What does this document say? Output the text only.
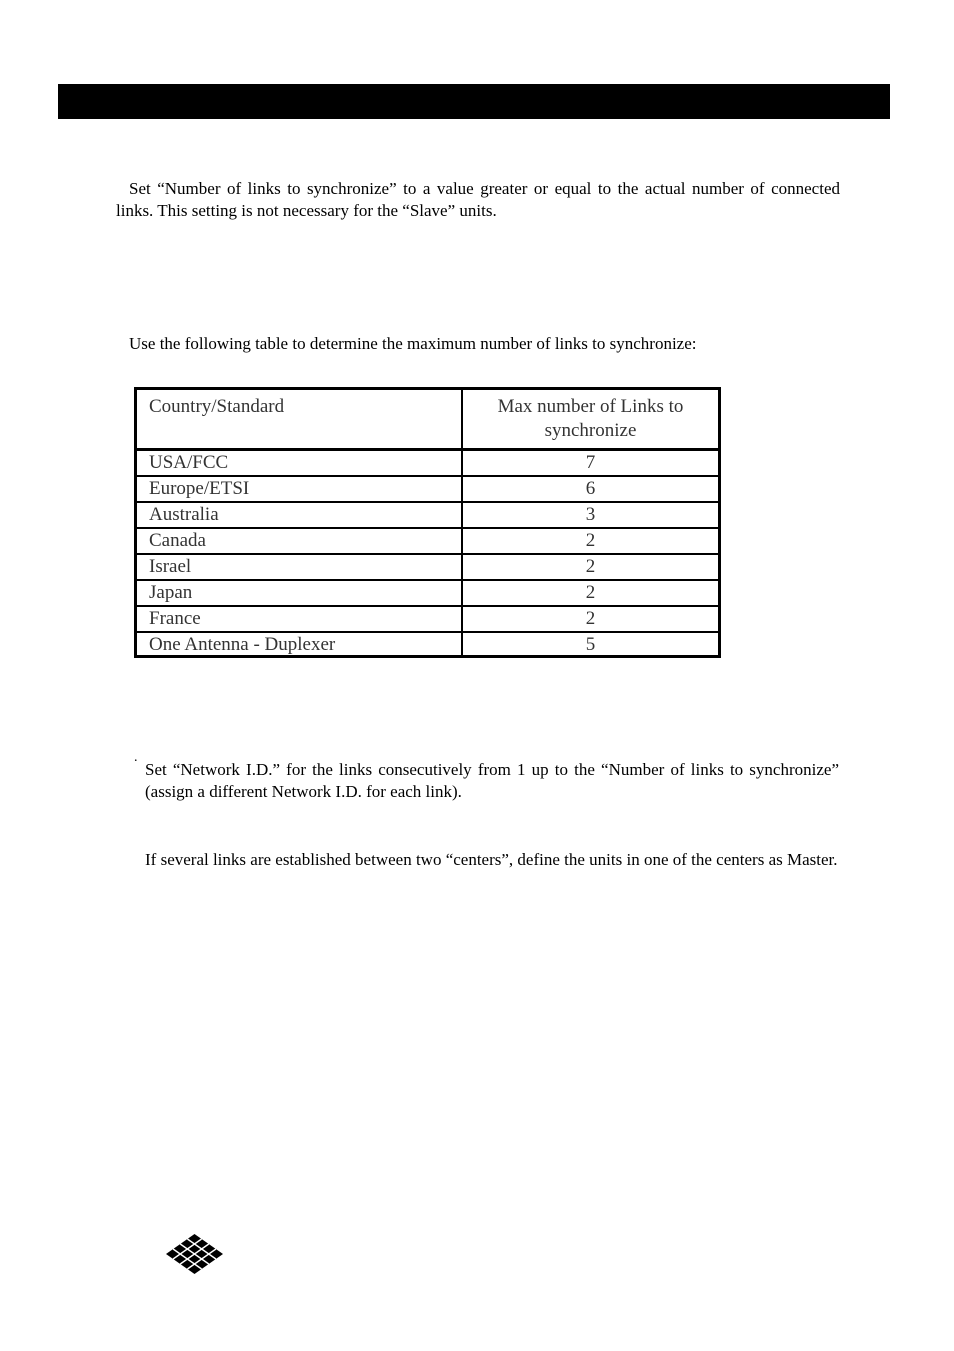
Set “Number of links to synchronize” to a value greater or equal to the actual number of connected links. This setting is not necessary for the “Slave” units.

Use the following table to determine the maximum number of links to synchronize:

Country/Standard	Max number of Links to synchronize
USA/FCC	7
Europe/ETSI	6
Australia	3
Canada	2
Israel	2
Japan	2
France	2
One Antenna - Duplexer	5
.

Set “Network I.D.” for the links consecutively from 1 up to the “Number of links to synchronize” (assign a different Network I.D. for each link).

If several links are established between two “centers”, define the units in one of the centers as Master.
